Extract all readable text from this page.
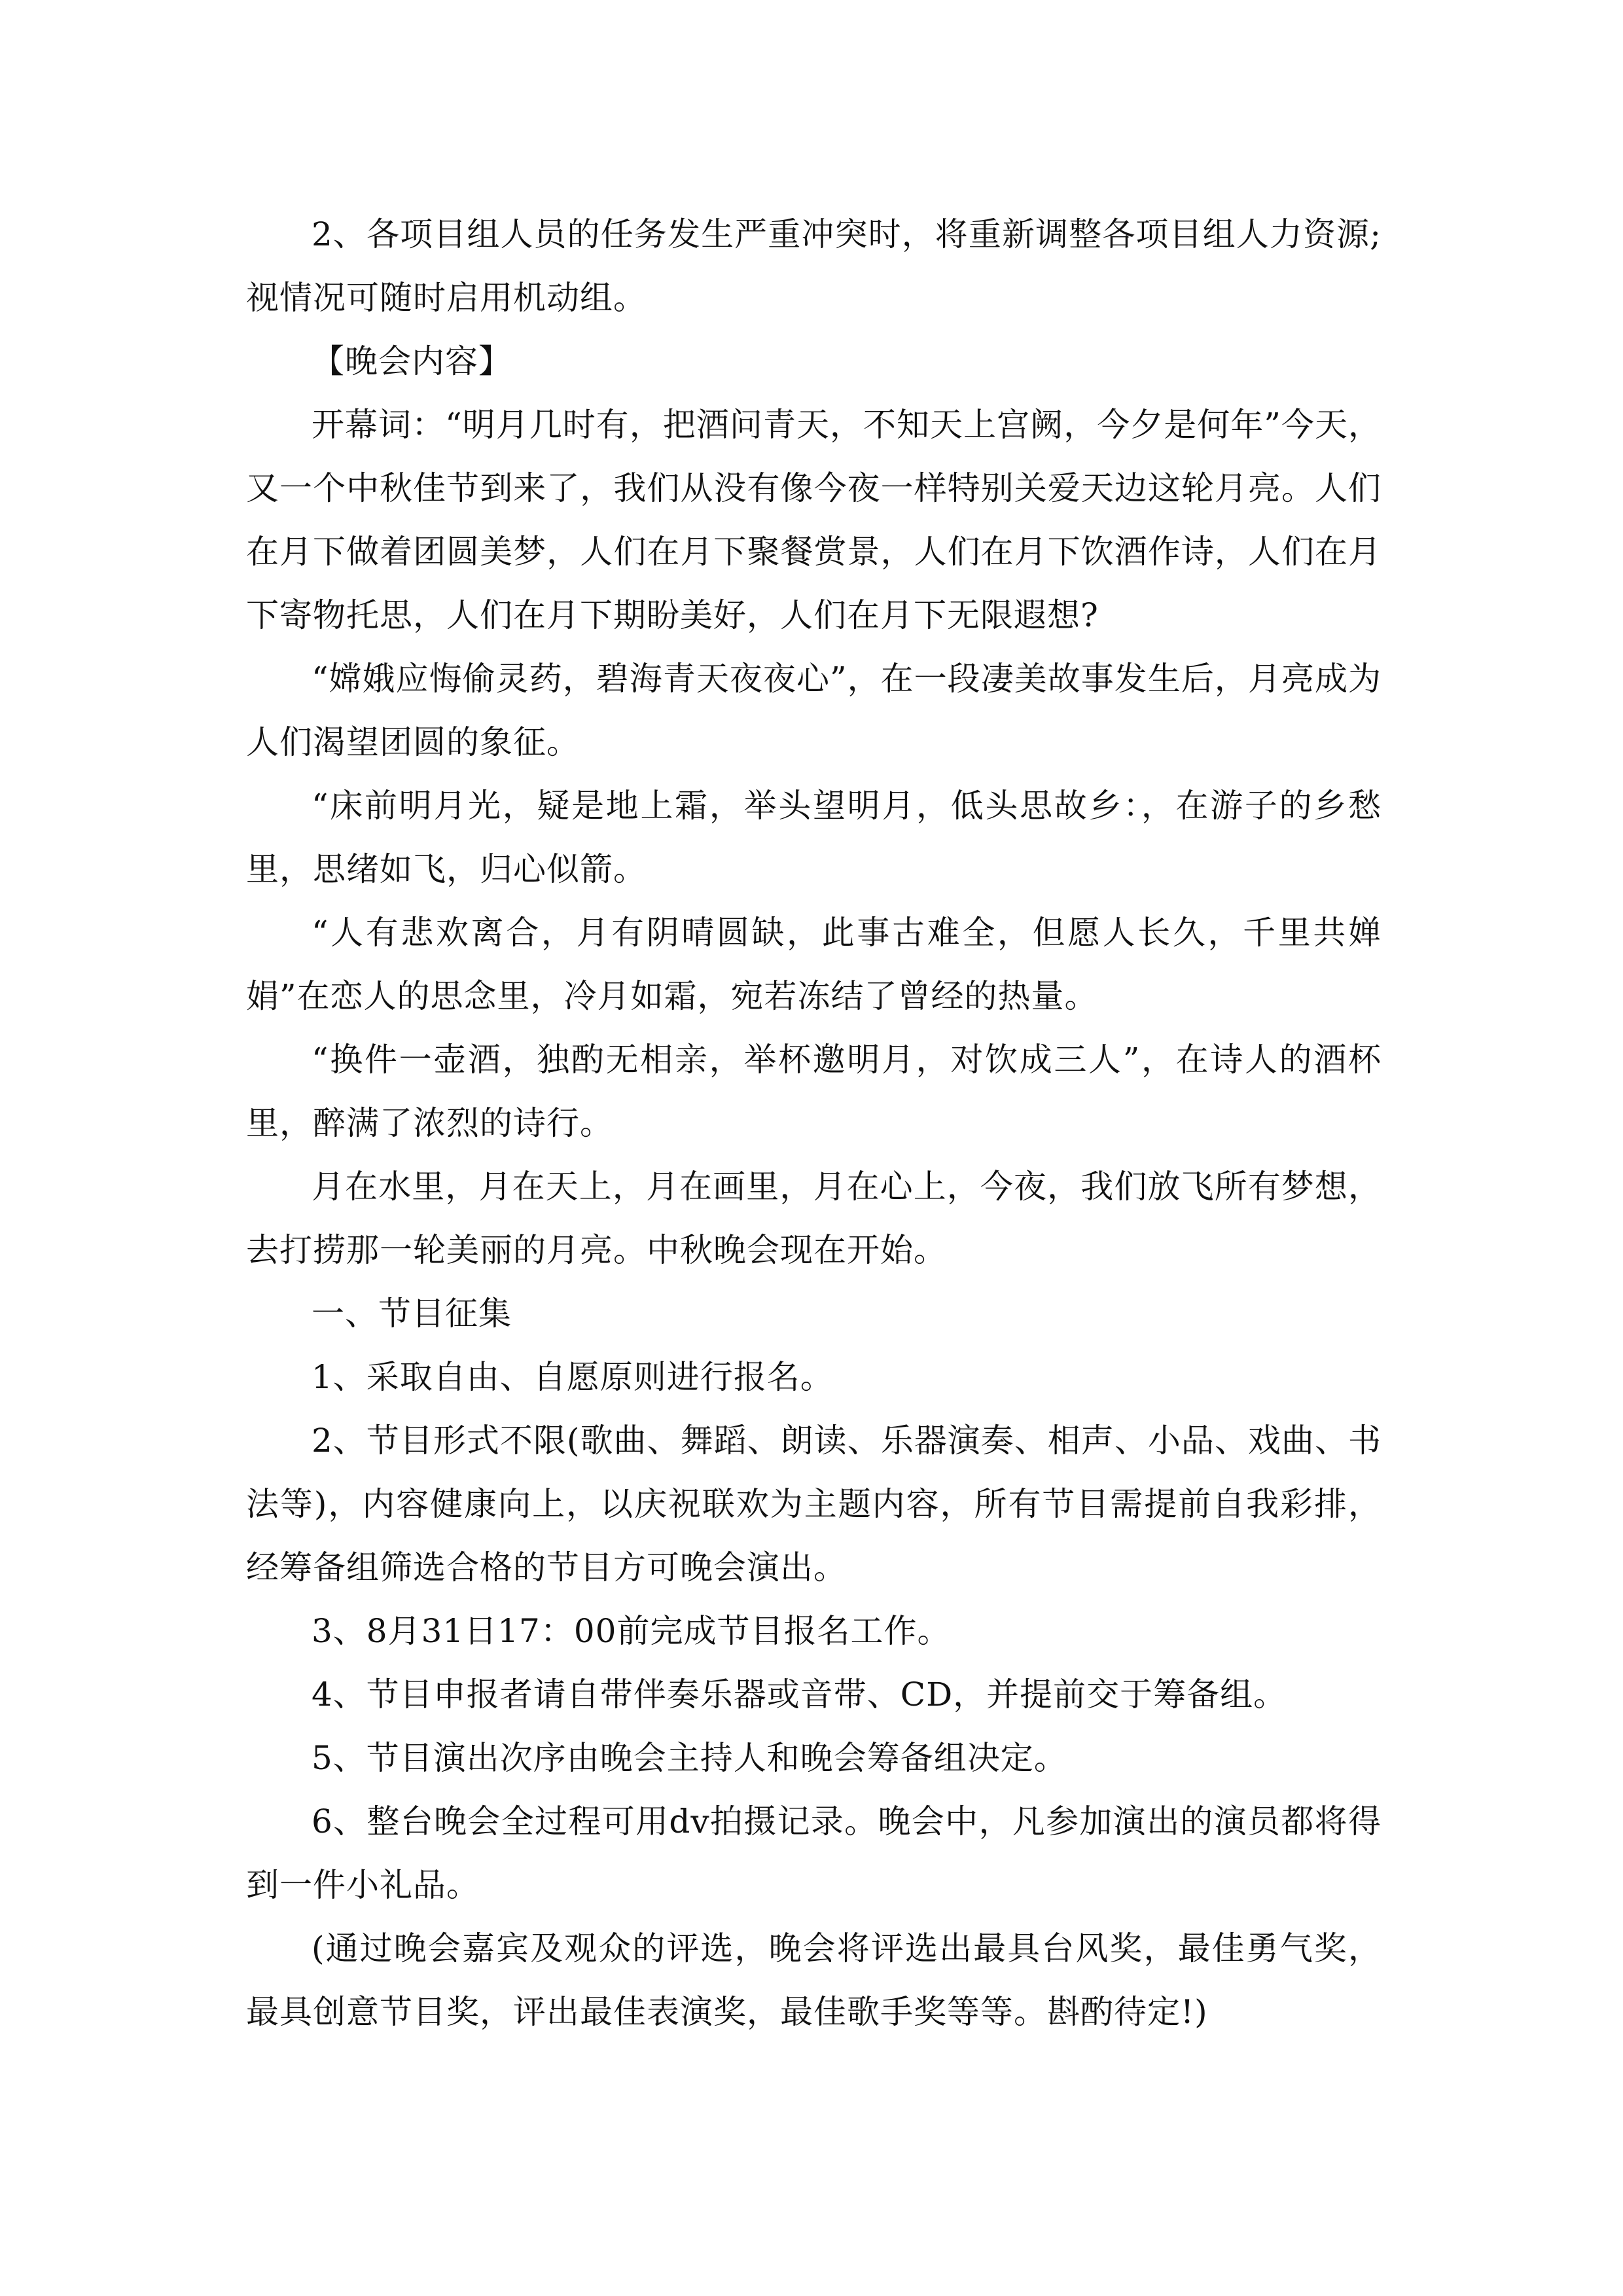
2、各项目组人员的任务发生严重冲突时，将重新调整各项目组人力资源;视情况可随时启用机动组。

【晚会内容】

开幕词：“明月几时有，把酒问青天，不知天上宫阙，今夕是何年”今天，又一个中秋佳节到来了，我们从没有像今夜一样特别关爱天边这轮月亮。人们在月下做着团圆美梦，人们在月下聚餐赏景，人们在月下饮酒作诗，人们在月下寄物托思，人们在月下期盼美好，人们在月下无限遐想?

“嫦娥应悔偷灵药，碧海青天夜夜心”，在一段凄美故事发生后，月亮成为人们渴望团圆的象征。

“床前明月光，疑是地上霜，举头望明月，低头思故乡：，在游子的乡愁里，思绪如飞，归心似箭。

“人有悲欢离合，月有阴晴圆缺，此事古难全，但愿人长久，千里共婵娟”在恋人的思念里，冷月如霜，宛若冻结了曾经的热量。

“换件一壶酒，独酌无相亲，举杯邀明月，对饮成三人”，在诗人的酒杯里，醉满了浓烈的诗行。

月在水里，月在天上，月在画里，月在心上，今夜，我们放飞所有梦想，去打捞那一轮美丽的月亮。中秋晚会现在开始。

一、节目征集

1、采取自由、自愿原则进行报名。

2、节目形式不限(歌曲、舞蹈、朗读、乐器演奏、相声、小品、戏曲、书法等)，内容健康向上，以庆祝联欢为主题内容，所有节目需提前自我彩排，经筹备组筛选合格的节目方可晚会演出。

3、8月31日17：00前完成节目报名工作。

4、节目申报者请自带伴奏乐器或音带、CD，并提前交于筹备组。

5、节目演出次序由晚会主持人和晚会筹备组决定。

6、整台晚会全过程可用dv拍摄记录。晚会中，凡参加演出的演员都将得到一件小礼品。

(通过晚会嘉宾及观众的评选，晚会将评选出最具台风奖，最佳勇气奖，最具创意节目奖，评出最佳表演奖，最佳歌手奖等等。斟酌待定!)
